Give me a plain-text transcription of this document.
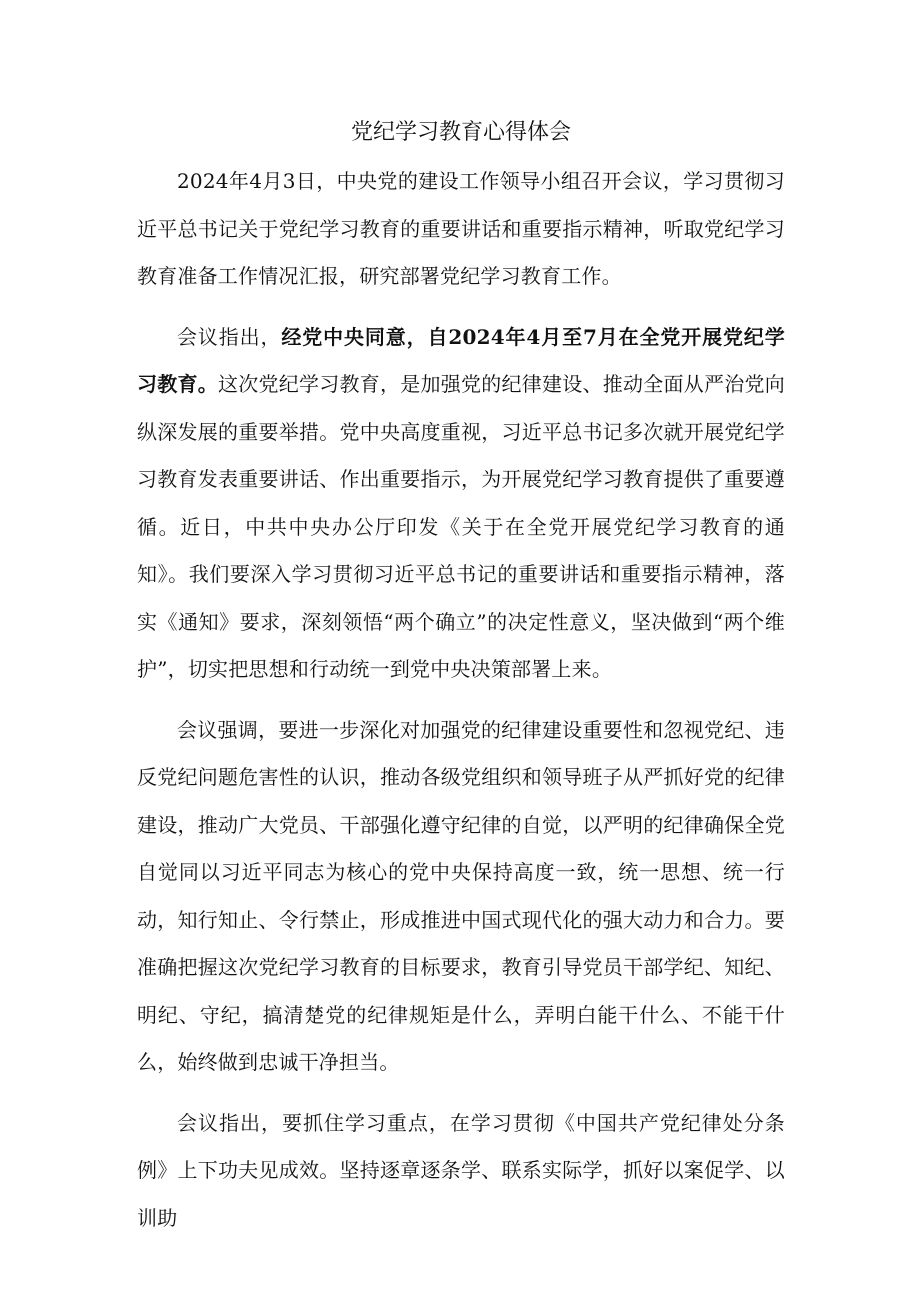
党纪学习教育心得体会

2024年4月3日，中央党的建设工作领导小组召开会议，学习贯彻习近平总书记关于党纪学习教育的重要讲话和重要指示精神，听取党纪学习教育准备工作情况汇报，研究部署党纪学习教育工作。

会议指出，经党中央同意，自2024年4月至7月在全党开展党纪学习教育。这次党纪学习教育，是加强党的纪律建设、推动全面从严治党向纵深发展的重要举措。党中央高度重视，习近平总书记多次就开展党纪学习教育发表重要讲话、作出重要指示，为开展党纪学习教育提供了重要遵循。近日，中共中央办公厅印发《关于在全党开展党纪学习教育的通知》。我们要深入学习贯彻习近平总书记的重要讲话和重要指示精神，落实《通知》要求，深刻领悟“两个确立”的决定性意义，坚决做到“两个维护”，切实把思想和行动统一到党中央决策部署上来。

会议强调，要进一步深化对加强党的纪律建设重要性和忽视党纪、违反党纪问题危害性的认识，推动各级党组织和领导班子从严抓好党的纪律建设，推动广大党员、干部强化遵守纪律的自觉，以严明的纪律确保全党自觉同以习近平同志为核心的党中央保持高度一致，统一思想、统一行动，知行知止、令行禁止，形成推进中国式现代化的强大动力和合力。要准确把握这次党纪学习教育的目标要求，教育引导党员干部学纪、知纪、明纪、守纪，搞清楚党的纪律规矩是什么，弄明白能干什么、不能干什么，始终做到忠诚干净担当。

会议指出，要抓住学习重点，在学习贯彻《中国共产党纪律处分条例》上下功夫见成效。坚持逐章逐条学、联系实际学，抓好以案促学、以训助
